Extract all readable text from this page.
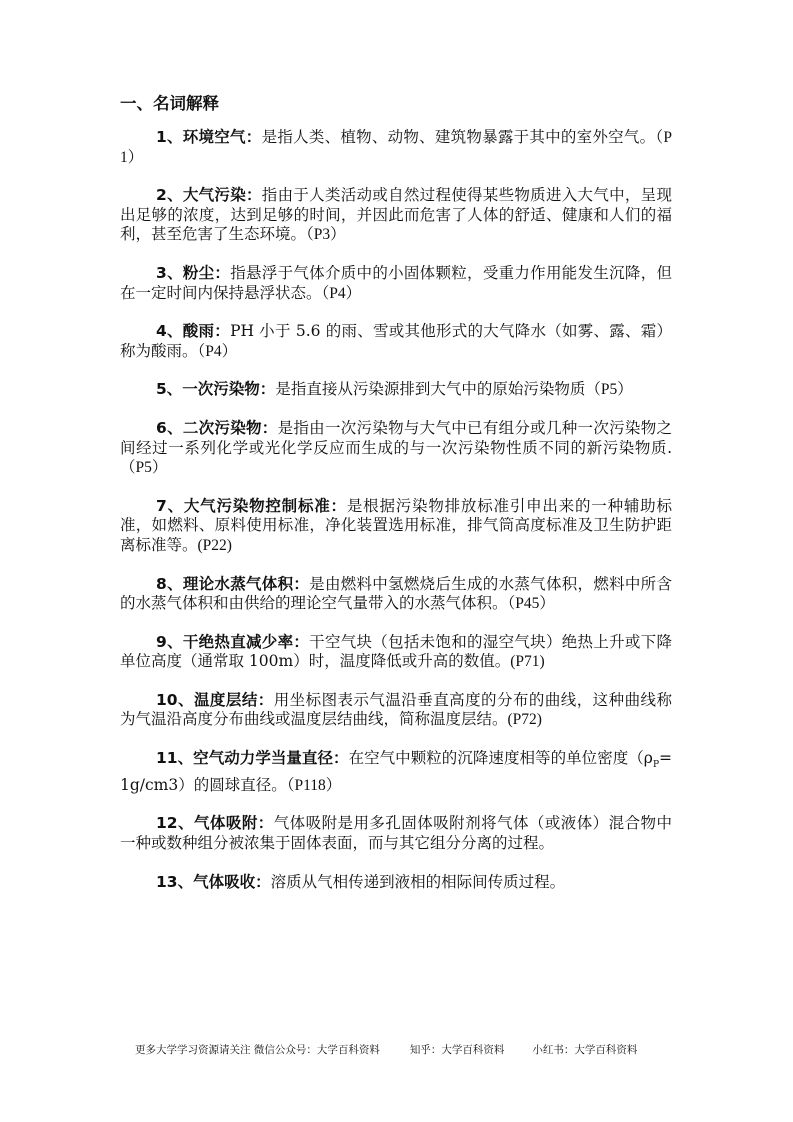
一、名词解释

1、环境空气：是指人类、植物、动物、建筑物暴露于其中的室外空气。（P1）

2、大气污染：指由于人类活动或自然过程使得某些物质进入大气中，呈现出足够的浓度，达到足够的时间，并因此而危害了人体的舒适、健康和人们的福利，甚至危害了生态环境。（P3）

3、粉尘：指悬浮于气体介质中的小固体颗粒，受重力作用能发生沉降，但在一定时间内保持悬浮状态。（P4）

4、酸雨：PH 小于 5.6 的雨、雪或其他形式的大气降水（如雾、露、霜）称为酸雨。（P4）

5、一次污染物：是指直接从污染源排到大气中的原始污染物质（P5）

6、二次污染物：是指由一次污染物与大气中已有组分或几种一次污染物之间经过一系列化学或光化学反应而生成的与一次污染物性质不同的新污染物质.（P5）

7、大气污染物控制标准：是根据污染物排放标准引申出来的一种辅助标准，如燃料、原料使用标准，净化装置选用标准，排气筒高度标准及卫生防护距离标准等。(P22)

8、理论水蒸气体积：是由燃料中氢燃烧后生成的水蒸气体积，燃料中所含的水蒸气体积和由供给的理论空气量带入的水蒸气体积。（P45）

9、干绝热直减少率：干空气块（包括未饱和的湿空气块）绝热上升或下降单位高度（通常取 100m）时，温度降低或升高的数值。(P71)

10、温度层结：用坐标图表示气温沿垂直高度的分布的曲线，这种曲线称为气温沿高度分布曲线或温度层结曲线，简称温度层结。(P72)

11、空气动力学当量直径：在空气中颗粒的沉降速度相等的单位密度$(\rho_P=1g/cm3)$的圆球直径。（P118）

12、气体吸附：气体吸附是用多孔固体吸附剂将气体（或液体）混合物中一种或数种组分被浓集于固体表面，而与其它组分分离的过程。

13、气体吸收：溶质从气相传递到液相的相际间传质过程。

更多大学学习资源请关注 微信公众号：大学百科资料	知乎：大学百科资料	小红书：大学百科资料
